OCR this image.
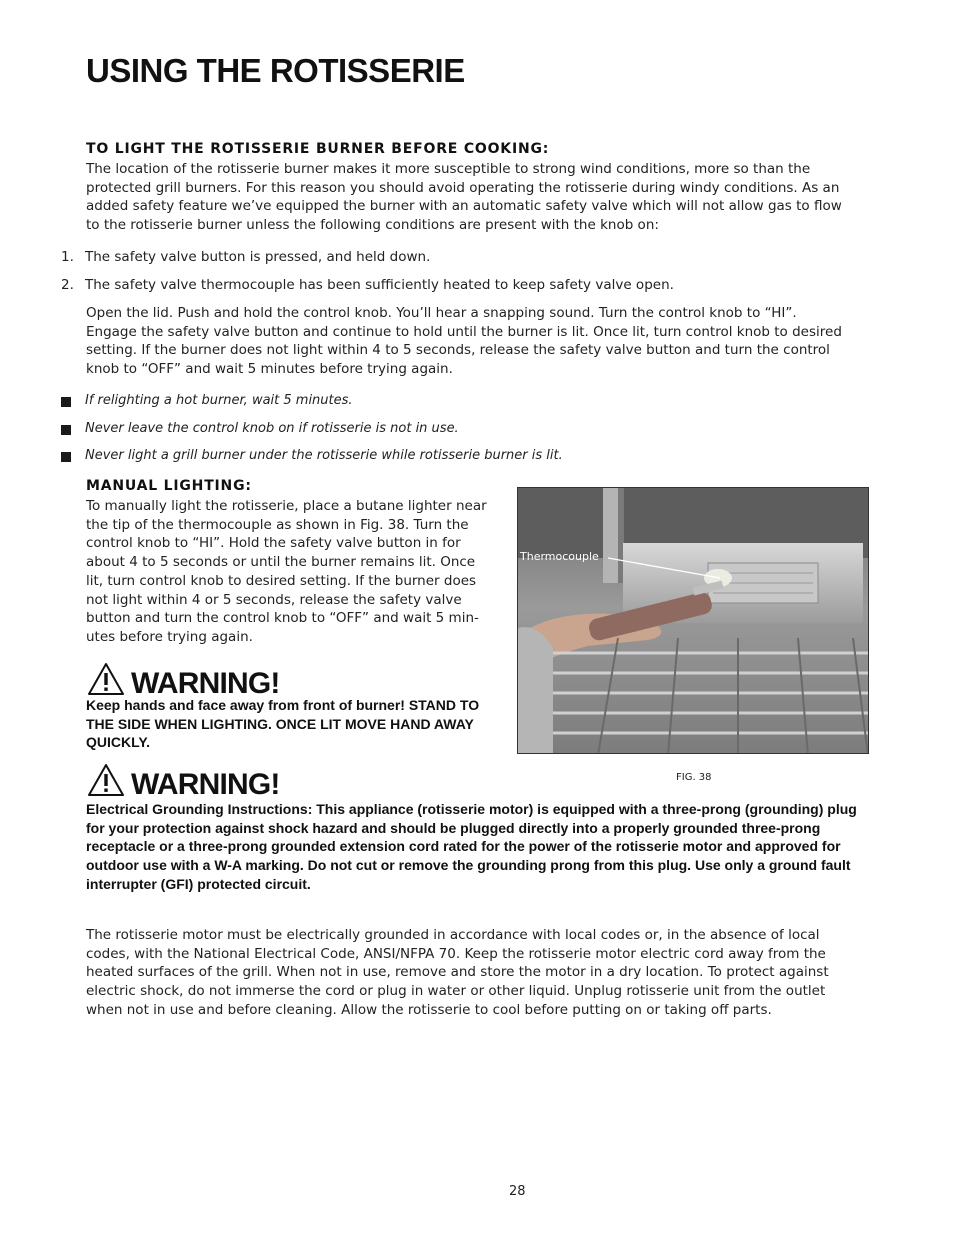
USING THE ROTISSERIE
TO LIGHT THE ROTISSERIE BURNER BEFORE COOKING:
The location of the rotisserie burner makes it more susceptible to strong wind conditions, more so than the
protected grill burners. For this reason you should avoid operating the rotisserie during windy conditions. As an
added safety feature we’ve equipped the burner with an automatic safety valve which will not allow gas to flow
to the rotisserie burner unless the following conditions are present with the knob on:
1. The safety valve button is pressed, and held down.
2. The safety valve thermocouple has been sufficiently heated to keep safety valve open.
Open the lid. Push and hold the control knob. You’ll hear a snapping sound. Turn the control knob to “HI”.
Engage the safety valve button and continue to hold until the burner is lit. Once lit, turn control knob to desired
setting. If the burner does not light within 4 to 5 seconds, release the safety valve button and turn the control
knob to “OFF” and wait 5 minutes before trying again.
If relighting a hot burner, wait 5 minutes.
Never leave the control knob on if rotisserie is not in use.
Never light a grill burner under the rotisserie while rotisserie burner is lit.
MANUAL LIGHTING:
To manually light the rotisserie, place a butane lighter near
the tip of the thermocouple as shown in Fig. 38. Turn the
control knob to “HI”. Hold the safety valve button in for
about 4 to 5 seconds or until the burner remains lit. Once
lit, turn control knob to desired setting. If the burner does
not light within 4 or 5 seconds, release the safety valve
button and turn the control knob to “OFF” and wait 5 min-
utes before trying again.
WARNING!
Keep hands and face away from front of burner! STAND TO
THE SIDE WHEN LIGHTING. ONCE LIT MOVE HAND AWAY
QUICKLY.
Thermocouple
FIG. 38
WARNING!
Electrical Grounding Instructions: This appliance (rotisserie motor) is equipped with a three-prong (grounding) plug
for your protection against shock hazard and should be plugged directly into a properly grounded three-prong
receptacle or a three-prong grounded extension cord rated for the power of the rotisserie motor and approved for
outdoor use with a W-A marking. Do not cut or remove the grounding prong from this plug. Use only a ground fault
interrupter (GFI) protected circuit.
The rotisserie motor must be electrically grounded in accordance with local codes or, in the absence of local
codes, with the National Electrical Code, ANSI/NFPA 70. Keep the rotisserie motor electric cord away from the
heated surfaces of the grill. When not in use, remove and store the motor in a dry location. To protect against
electric shock, do not immerse the cord or plug in water or other liquid. Unplug rotisserie unit from the outlet
when not in use and before cleaning. Allow the rotisserie to cool before putting on or taking off parts.
28
